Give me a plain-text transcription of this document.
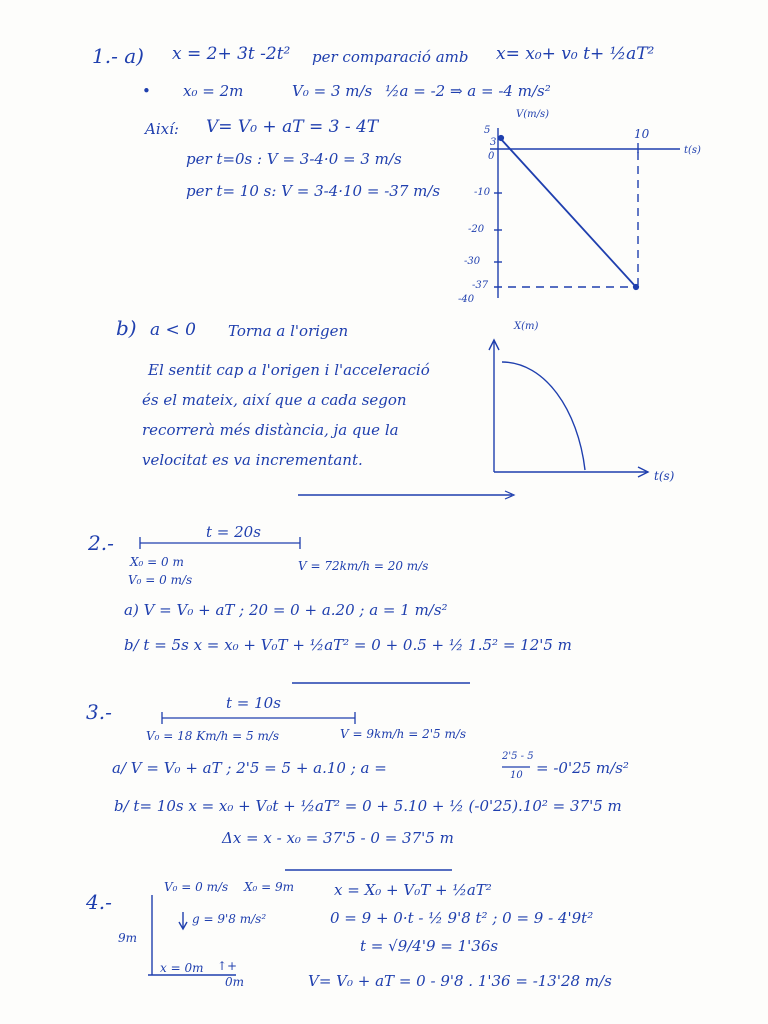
1.- a) x = 2+ 3t -2t² per comparació amb x= x₀+ v₀ t+ ½aT²
• x₀ = 2m	V₀ = 3 m/s ½a = -2 ⇒ a = -4 m/s²
Així: V= V₀ + aT = 3 - 4T
per t=0s : V = 3-4·0 = 3 m/s
per t= 10 s: V = 3-4·10 = -37 m/s
V(m/s)
t(s)
5
3
0
-10
-20
-30
-37
-40
10
b) a < 0 Torna a l'origen
El sentit cap a l'origen i l'acceleració
és el mateix, així que a cada segon
recorrerà més distància, ja que la
velocitat es va incrementant.
X(m)
t(s)
2.-	t = 20s
X₀ = 0 m
V₀ = 0 m/s
V = 72km/h = 20 m/s
a) V = V₀ + aT ; 20 = 0 + a.20 ; a = 1 m/s²
b/ t = 5s x = x₀ + V₀T + ½aT² = 0 + 0.5 + ½ 1.5² = 12'5 m
3.-	t = 10s
V₀ = 18 Km/h = 5 m/s	V = 9km/h = 2'5 m/s
a/ V = V₀ + aT ; 2'5 = 5 + a.10 ; a =
2'5 - 5
10 = -0'25 m/s²
b/ t= 10s x = x₀ + V₀t + ½aT² = 0 + 5.10 + ½ (-0'25).10² = 37'5 m
Δx = x - x₀ = 37'5 - 0 = 37'5 m
4.-
V₀ = 0 m/s X₀ = 9m
g = 9'8 m/s²
9m
x = 0m ↑+
0m
x = X₀ + V₀T + ½aT²
0 = 9 + 0·t - ½ 9'8 t² ; 0 = 9 - 4'9t²
t = √9/4'9 = 1'36s
V= V₀ + aT = 0 - 9'8 . 1'36 = -13'28 m/s
